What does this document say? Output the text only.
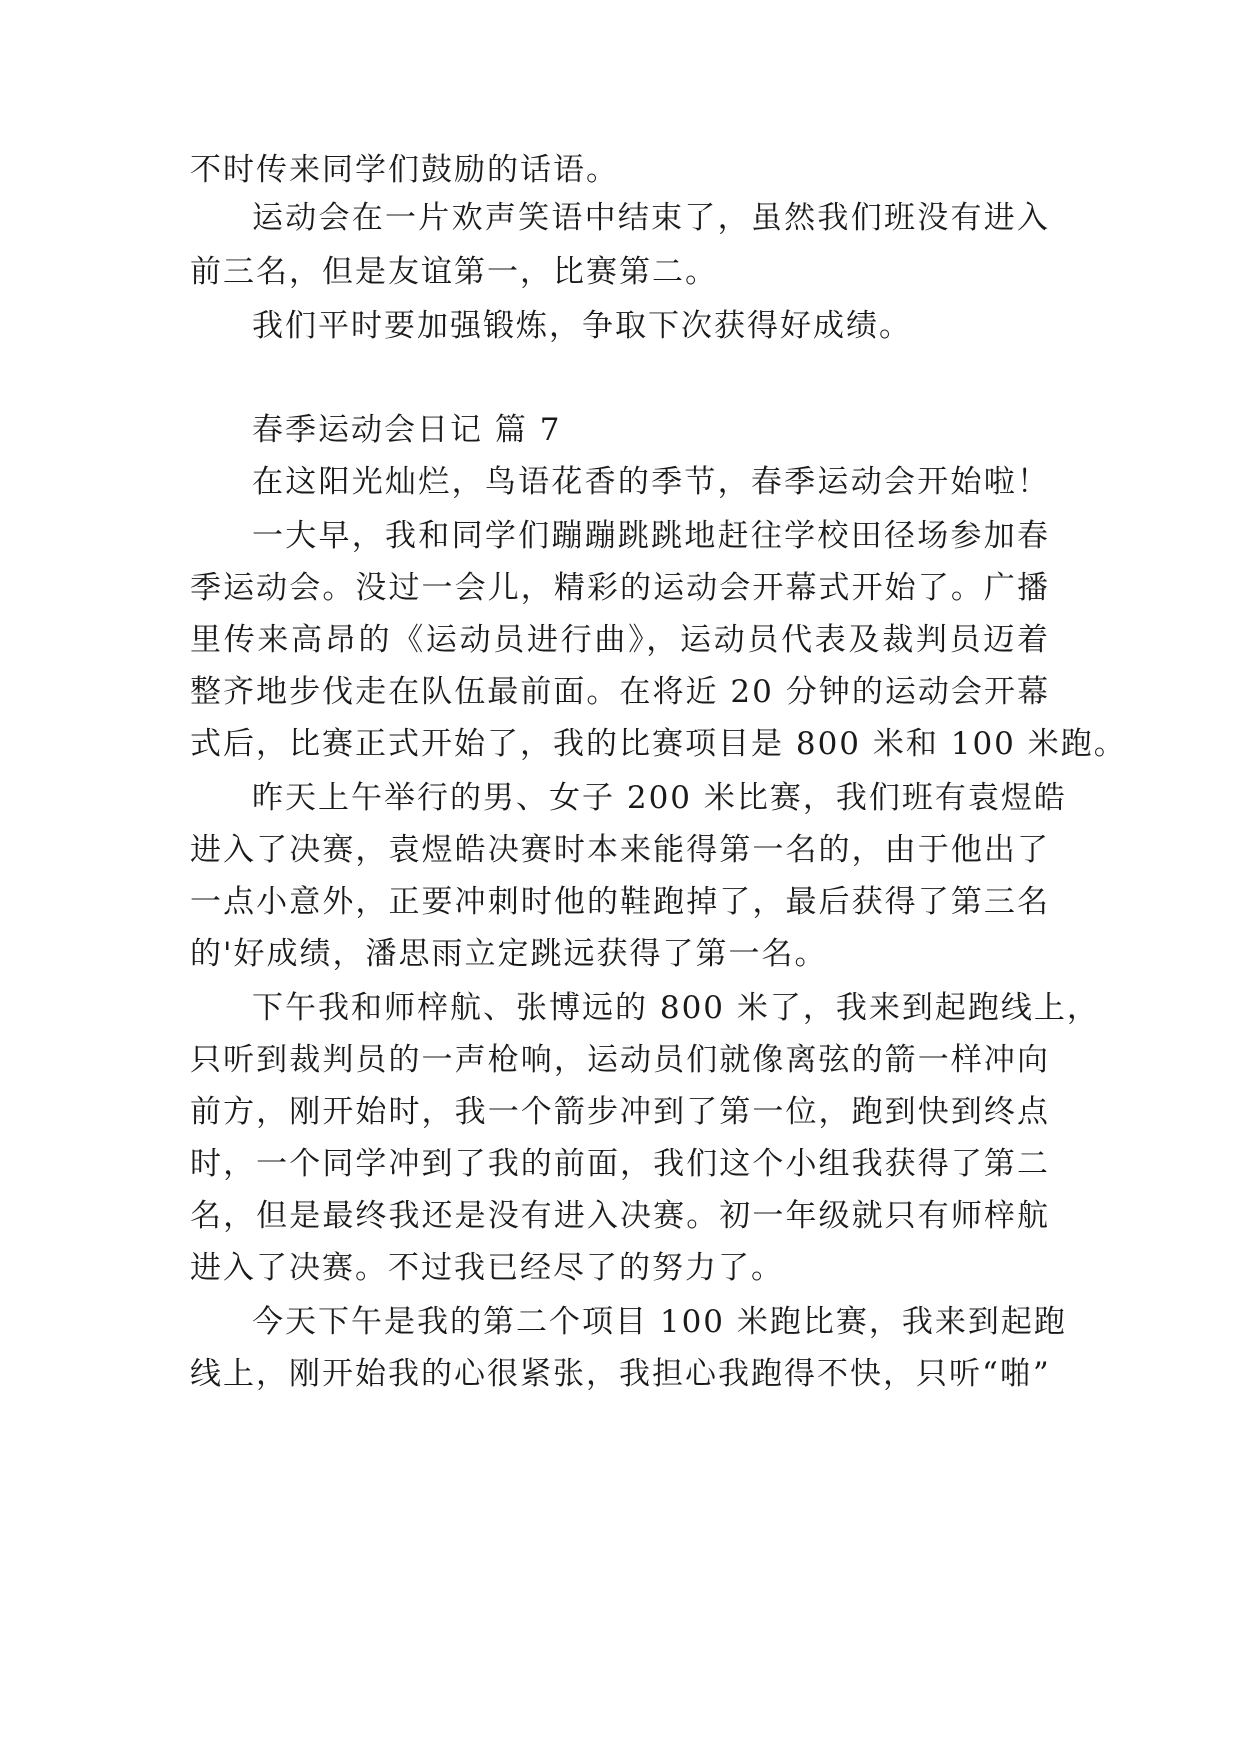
不时传来同学们鼓励的话语。
运动会在一片欢声笑语中结束了，虽然我们班没有进入
前三名，但是友谊第一，比赛第二。
我们平时要加强锻炼，争取下次获得好成绩。
春季运动会日记 篇 7
在这阳光灿烂，鸟语花香的季节，春季运动会开始啦！
一大早，我和同学们蹦蹦跳跳地赶往学校田径场参加春
季运动会。没过一会儿，精彩的运动会开幕式开始了。广播
里传来高昂的《运动员进行曲》，运动员代表及裁判员迈着
整齐地步伐走在队伍最前面。在将近 20 分钟的运动会开幕
式后，比赛正式开始了，我的比赛项目是 800 米和 100 米跑。
昨天上午举行的男、女子 200 米比赛，我们班有袁煜皓
进入了决赛，袁煜皓决赛时本来能得第一名的，由于他出了
一点小意外，正要冲刺时他的鞋跑掉了，最后获得了第三名
的'好成绩，潘思雨立定跳远获得了第一名。
下午我和师梓航、张博远的 800 米了，我来到起跑线上，
只听到裁判员的一声枪响，运动员们就像离弦的箭一样冲向
前方，刚开始时，我一个箭步冲到了第一位，跑到快到终点
时，一个同学冲到了我的前面，我们这个小组我获得了第二
名，但是最终我还是没有进入决赛。初一年级就只有师梓航
进入了决赛。不过我已经尽了的努力了。
今天下午是我的第二个项目 100 米跑比赛，我来到起跑
线上，刚开始我的心很紧张，我担心我跑得不快，只听“啪”
